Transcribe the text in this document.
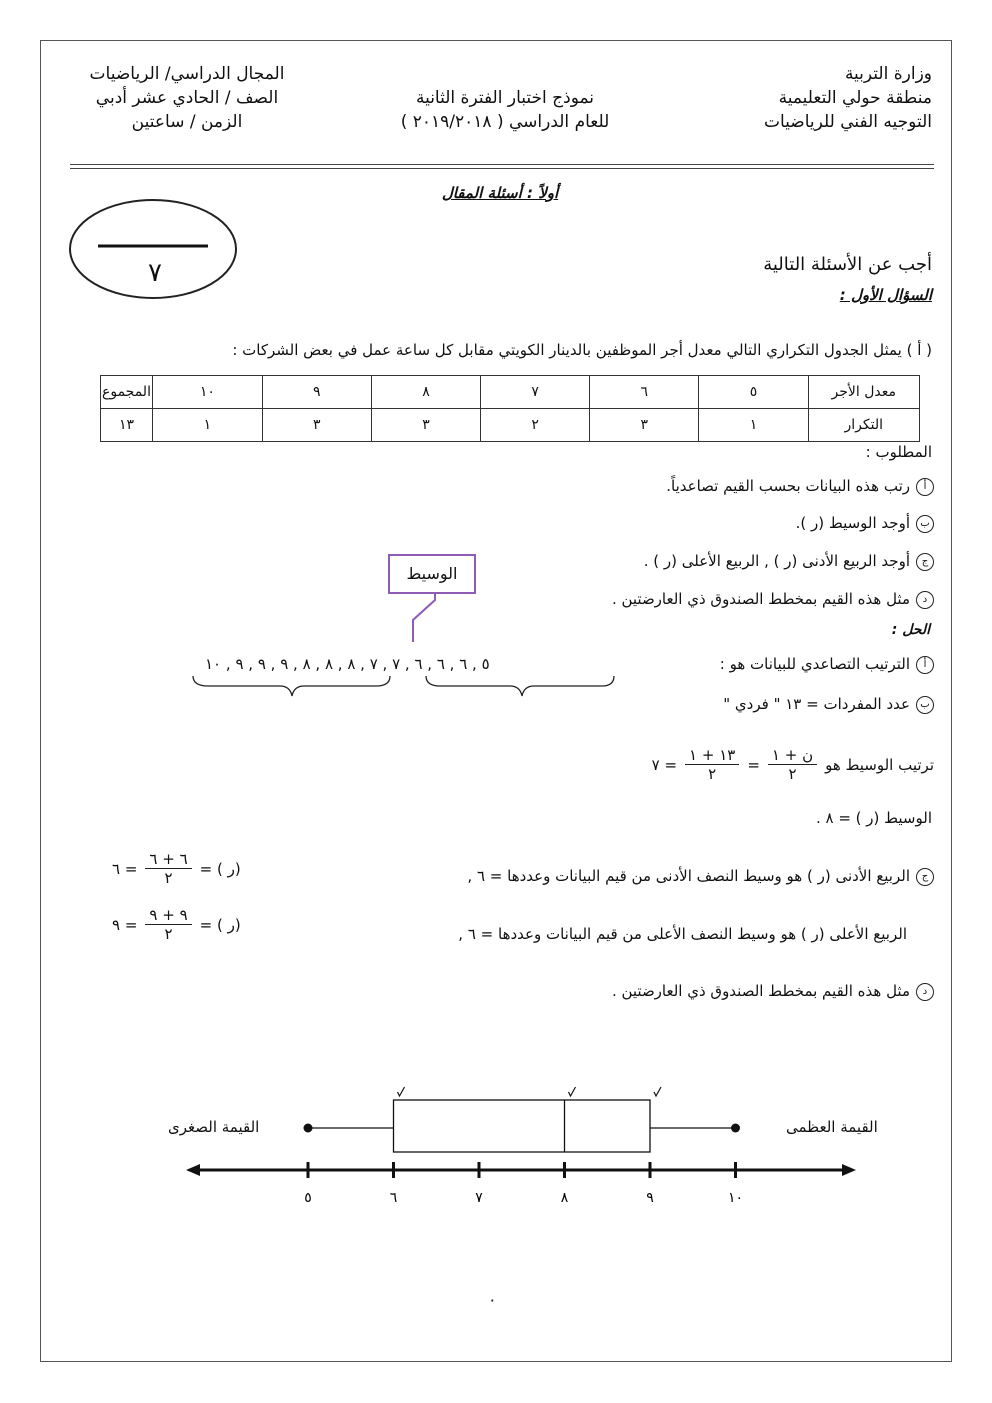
وزارة التربية
منطقة حولي التعليمية
التوجيه الفني للرياضيات
نموذج اختبار الفترة الثانية
للعام الدراسي ( ٢٠١٩/٢٠١٨ )
المجال الدراسي/ الرياضيات
الصف / الحادي عشر أدبي
الزمن / ساعتين
أولاً : أسئلة المقال
٧	أجب عن الأسئلة التالية
السؤال الأول :
( أ ) يمثل الجدول التكراري التالي معدل أجر الموظفين بالدينار الكويتي مقابل كل ساعة عمل في بعض الشركات :
معدل الأجر	٥	٦	٧	٨	٩	١٠	المجموع
التكرار	١	٣	٢	٣	٣	١	١٣
المطلوب :
أرتب هذه البيانات بحسب القيم تصاعدياً.
بأوجد الوسيط (ر ).
جأوجد الربيع الأدنى (ر ) , الربيع الأعلى (ر ) .
دمثل هذه القيم بمخطط الصندوق ذي العارضتين .
الوسيط
الحل :
أالترتيب التصاعدي للبيانات هو :
٥ , ٦ , ٦ , ٦ , ٧ , ٧ , ٨ , ٨ , ٨ , ٩ , ٩ , ٩ , ١٠
بعدد المفردات = ١٣ " فردي "
ترتيب الوسيط هو
$\frac{\text{ن + ١}}{٢}$
=
$\frac{١٣ + ١}{٢}$
= ٧
الوسيط (ر ) = ٨ .
جالربيع الأدنى (ر ) هو وسيط النصف الأدنى من قيم البيانات وعددها = ٦ ,
(ر ) =
$\frac{٦ + ٦}{٢}$
= ٦
الربيع الأعلى (ر ) هو وسيط النصف الأعلى من قيم البيانات وعددها = ٦ ,
(ر ) =
$\frac{٩ + ٩}{٢}$
= ٩
دمثل هذه القيم بمخطط الصندوق ذي العارضتين .
القيمة الصغرى	القيمة العظمى
٥	٦	٧	٨	٩	١٠
٠
